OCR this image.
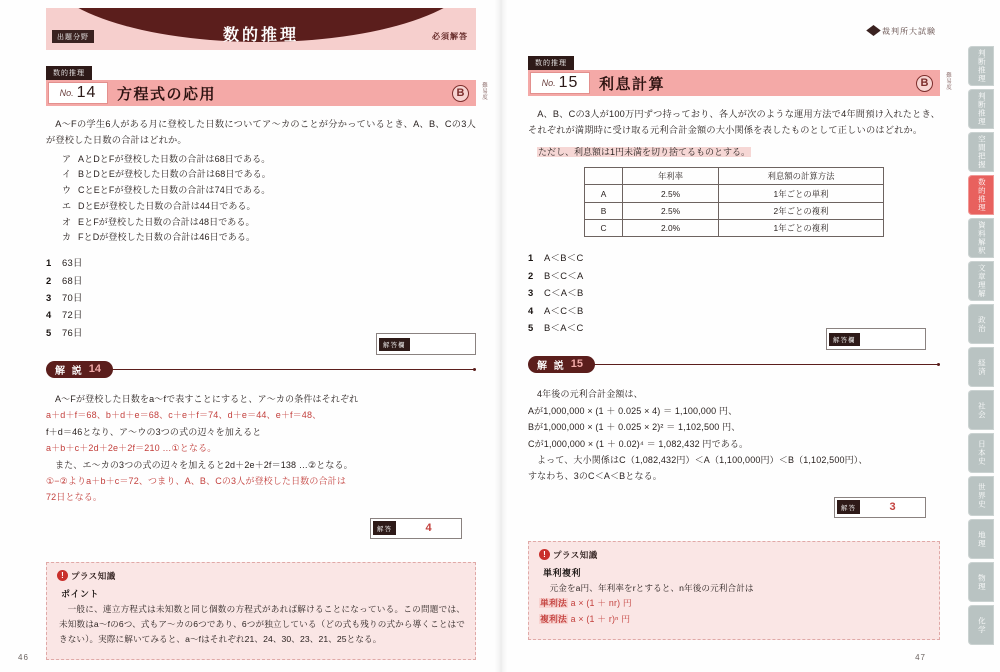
出題分野	数的推理	必須解答
数的推理
No. 14 方程式の応用	B	難易度

A〜Fの学生6人がある月に登校した日数についてア〜カのことが分かっているとき、A、B、Cの3人が登校した日数の合計はどれか。

ア AとDとFが登校した日数の合計は68日である。
イ BとDとEが登校した日数の合計は68日である。
ウ CとEとFが登校した日数の合計は74日である。
エ DとEが登校した日数の合計は44日である。
オ EとFが登校した日数の合計は48日である。
カ FとDが登校した日数の合計は46日である。
1	63日
2	68日
3	70日
4	72日
5	76日
解答欄
解 説 14

A〜Fが登校した日数をa〜fで表すことにすると、ア〜カの条件はそれぞれ

a＋d＋f＝68、b＋d＋e＝68、c＋e＋f＝74、d＋e＝44、e＋f＝48、

f＋d＝46となり、ア〜ウの3つの式の辺々を加えると

a＋b＋c＋2d＋2e＋2f＝210 …①となる。

また、エ〜カの3つの式の辺々を加えると2d＋2e＋2f＝138 …②となる。

①−②よりa＋b＋c＝72、つまり、A、B、Cの3人が登校した日数の合計は

72日となる。

解答	4
! プラス知識
ポイント

一般に、連立方程式は未知数と同じ個数の方程式があれば解けることになっている。この問題では、未知数はa〜fの6つ、式もア〜カの6つであり、6つが独立している（どの式も残りの式から導くことはできない）。実際に解いてみると、a〜fはそれぞれ21、24、30、23、21、25となる。

46
裁判所大試験
数的推理
No. 15 利息計算	B	難易度

A、B、Cの3人が100万円ずつ持っており、各人が次のような運用方法で4年間預け入れたとき、それぞれが満期時に受け取る元利合計金額の大小関係を表したものとして正しいのはどれか。

ただし、利息額は1円未満を切り捨てるものとする。
	年利率	利息額の計算方法
A	2.5%	1年ごとの単利
B	2.5%	2年ごとの複利
C	2.0%	1年ごとの複利
1	A＜B＜C
2	B＜C＜A
3	C＜A＜B
4	A＜C＜B
5	B＜A＜C
解答欄
解 説 15

4年後の元利合計金額は、

Aが1,000,000 × (1 ＋ 0.025 × 4) ＝ 1,100,000 円、

Bが1,000,000 × (1 ＋ 0.025 × 2)² ＝ 1,102,500 円、

Cが1,000,000 × (1 ＋ 0.02)⁴ ＝ 1,082,432 円である。

よって、大小関係はC（1,082,432円）＜A（1,100,000円）＜B（1,102,500円）、

すなわち、3のC＜A＜Bとなる。

解答	3
! プラス知識
単利複利

元金をa円、年利率をrとすると、n年後の元利合計は

単利法 a × (1 ＋ nr) 円
複利法 a × (1 ＋ r)ⁿ 円
47
判断推理
判断推理
空間把握
数的推理
資料解釈
文章理解
政治
経済
社会
日本史
世界史
地理
物理
化学
